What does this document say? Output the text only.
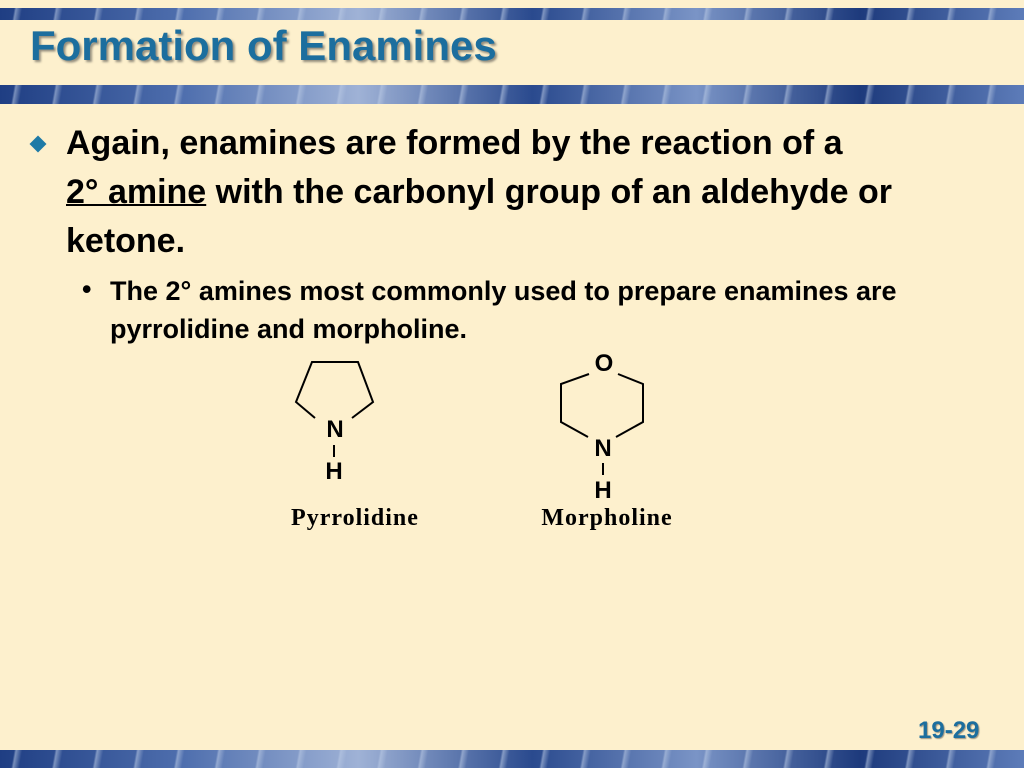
Formation of Enamines

Again, enamines are formed by the reaction of a
2° amine with the carbonyl group of an aldehyde or ketone.

• The 2° amines most commonly used to prepare enamines are pyrrolidine and morpholine.

N
H
Pyrrolidine
O
N
H
Morpholine
19-29
